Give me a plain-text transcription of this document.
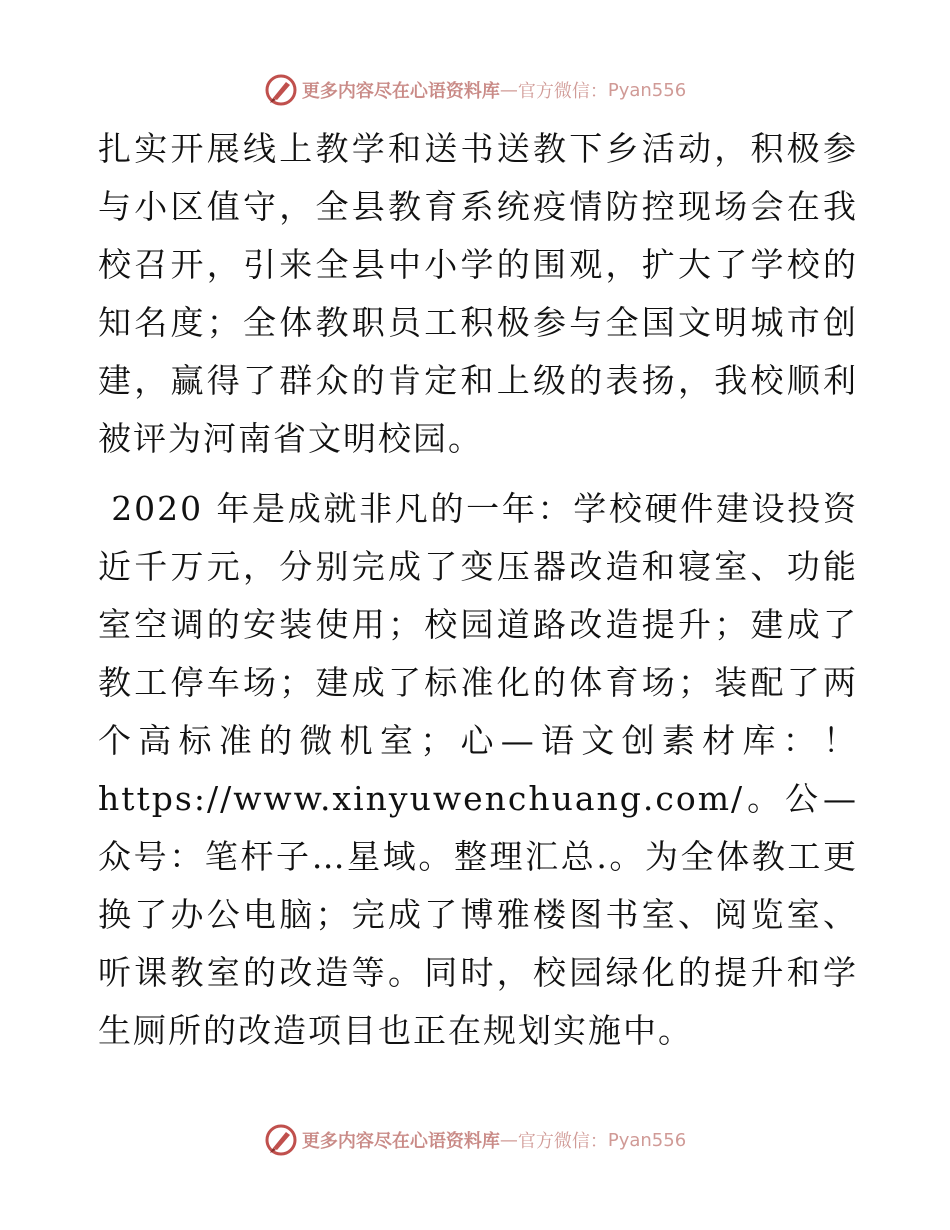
更多内容尽在心语资料库 — 官方微信： Pyan556

扎实开展线上教学和送书送教下乡活动，积极参与小区值守，全县教育系统疫情防控现场会在我校召开，引来全县中小学的围观，扩大了学校的知名度；全体教职员工积极参与全国文明城市创建，赢得了群众的肯定和上级的表扬，我校顺利被评为河南省文明校园。

2020 年是成就非凡的一年：学校硬件建设投资近千万元，分别完成了变压器改造和寝室、功能室空调的安装使用；校园道路改造提升；建成了教工停车场；建成了标准化的体育场；装配了两个高标准的微机室；心—语文创素材库：！https://www.xinyuwenchuang.com/。公—众号：笔杆子…星域。整理汇总.。为全体教工更换了办公电脑；完成了博雅楼图书室、阅览室、听课教室的改造等。同时，校园绿化的提升和学生厕所的改造项目也正在规划实施中。

更多内容尽在心语资料库 — 官方微信： Pyan556
